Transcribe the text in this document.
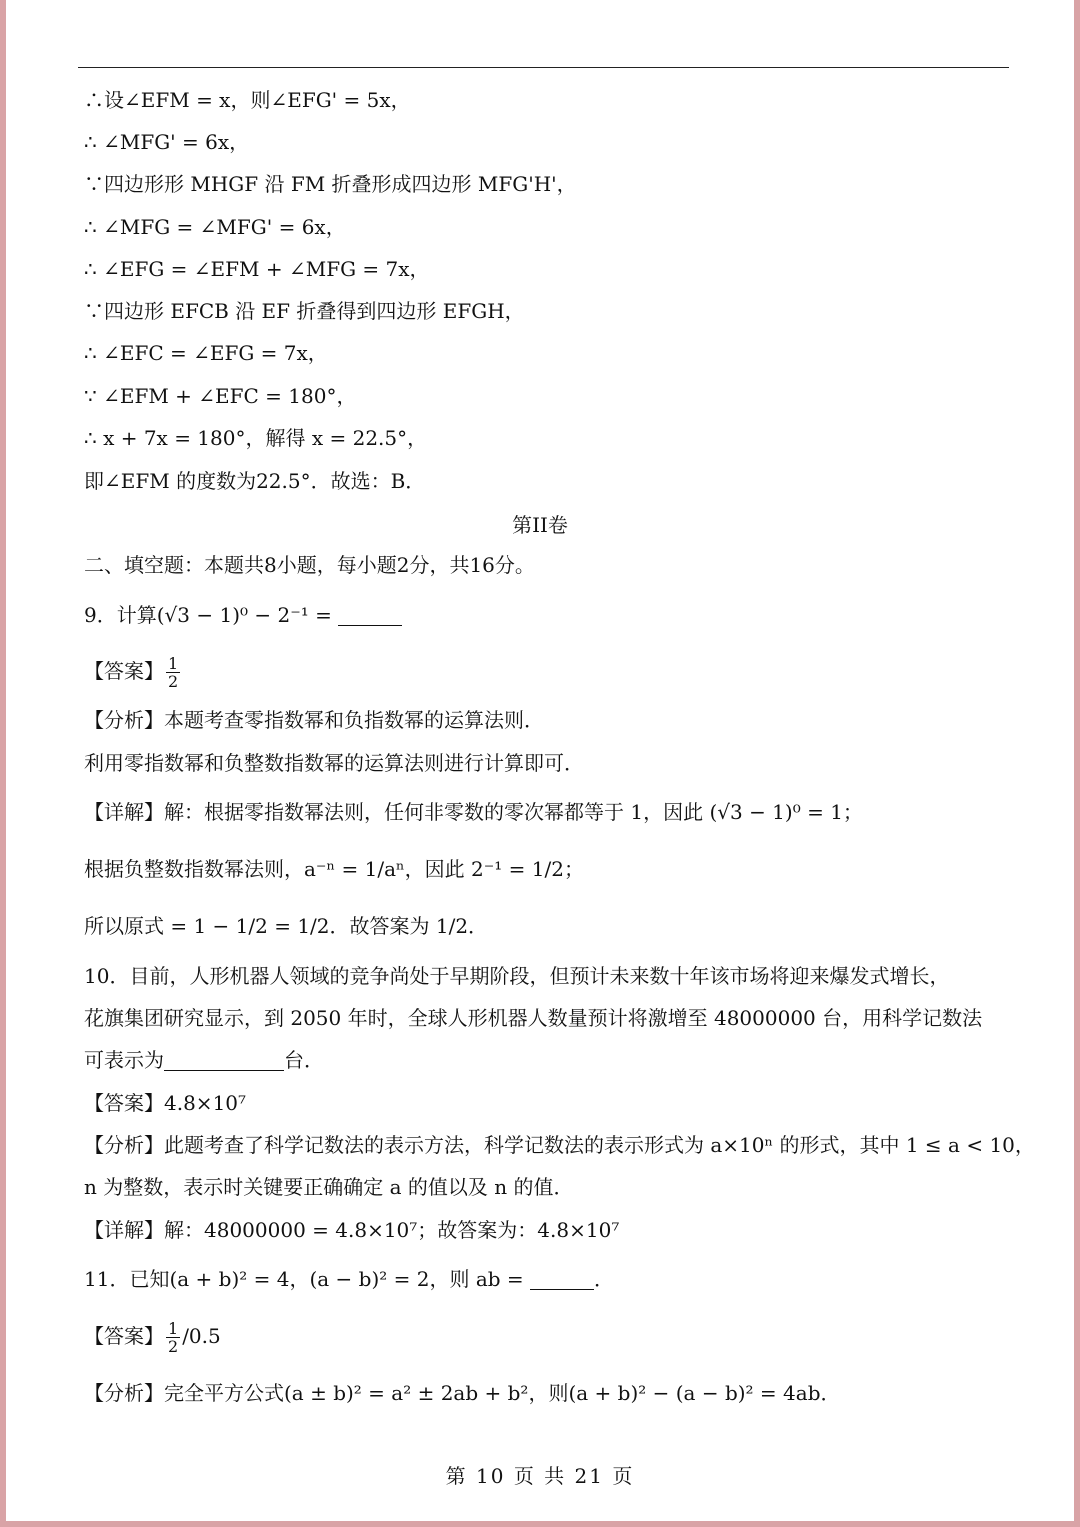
∴设∠EFM = x，则∠EFG' = 5x，
∴ ∠MFG' = 6x，
∵四边形形 MHGF 沿 FM 折叠形成四边形 MFG'H'，
∴ ∠MFG = ∠MFG' = 6x，
∴ ∠EFG = ∠EFM + ∠MFG = 7x，
∵四边形 EFCB 沿 EF 折叠得到四边形 EFGH，
∴ ∠EFC = ∠EFG = 7x，
∵ ∠EFM + ∠EFC = 180°，
∴ x + 7x = 180°，解得 x = 22.5°，
即∠EFM 的度数为22.5°．故选：B．
第II卷
二、填空题：本题共8小题，每小题2分，共16分。
9．计算(√3 − 1)⁰ − 2⁻¹ =
【答案】 $\frac{1}{2}$
【分析】本题考查零指数幂和负指数幂的运算法则．
利用零指数幂和负整数指数幂的运算法则进行计算即可．
【详解】解：根据零指数幂法则，任何非零数的零次幂都等于 1，因此 (√3 − 1)⁰ = 1；
根据负整数指数幂法则，a⁻ⁿ = 1/aⁿ，因此 2⁻¹ = 1/2；
所以原式 = 1 − 1/2 = 1/2．故答案为 1/2．
10．目前，人形机器人领域的竞争尚处于早期阶段，但预计未来数十年该市场将迎来爆发式增长，
花旗集团研究显示，到 2050 年时，全球人形机器人数量预计将激增至 48000000 台，用科学记数法
可表示为	台．
【答案】4.8×10⁷
【分析】此题考查了科学记数法的表示方法，科学记数法的表示形式为 a×10ⁿ 的形式，其中 1 ≤ a < 10，
n 为整数，表示时关键要正确确定 a 的值以及 n 的值．
【详解】解：48000000 = 4.8×10⁷；故答案为：4.8×10⁷
11．已知(a + b)² = 4，(a − b)² = 2，则 ab =	．
【答案】 $\frac{1}{2} /0.5$
【分析】完全平方公式(a ± b)² = a² ± 2ab + b²，则(a + b)² − (a − b)² = 4ab．
第 10 页 共 21 页
